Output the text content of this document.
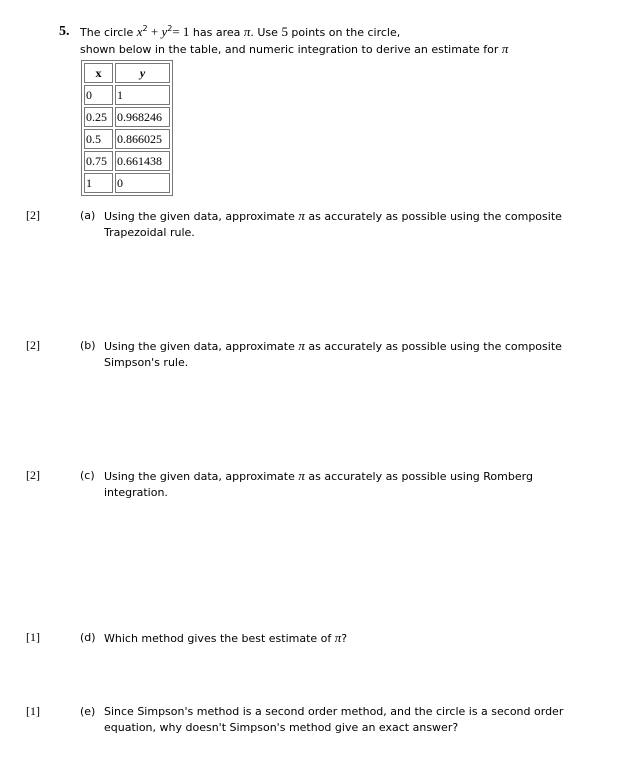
5. The circle $x^2 + y^2= 1$ has area π. Use 5 points on the circle,
shown below in the table, and numeric integration to derive an estimate for π
x	y
0	1
0.25	0.968246
0.5	0.866025
0.75	0.661438
1	0
[2]	(a) Using the given data, approximate π as accurately as possible using the composite Trapezoidal rule.
[2]	(b) Using the given data, approximate π as accurately as possible using the composite Simpson's rule.
[2]	(c) Using the given data, approximate π as accurately as possible using Romberg integration.
[1]	(d) Which method gives the best estimate of π?
[1]	(e) Since Simpson's method is a second order method, and the circle is a second order equation, why doesn't Simpson's method give an exact answer?
